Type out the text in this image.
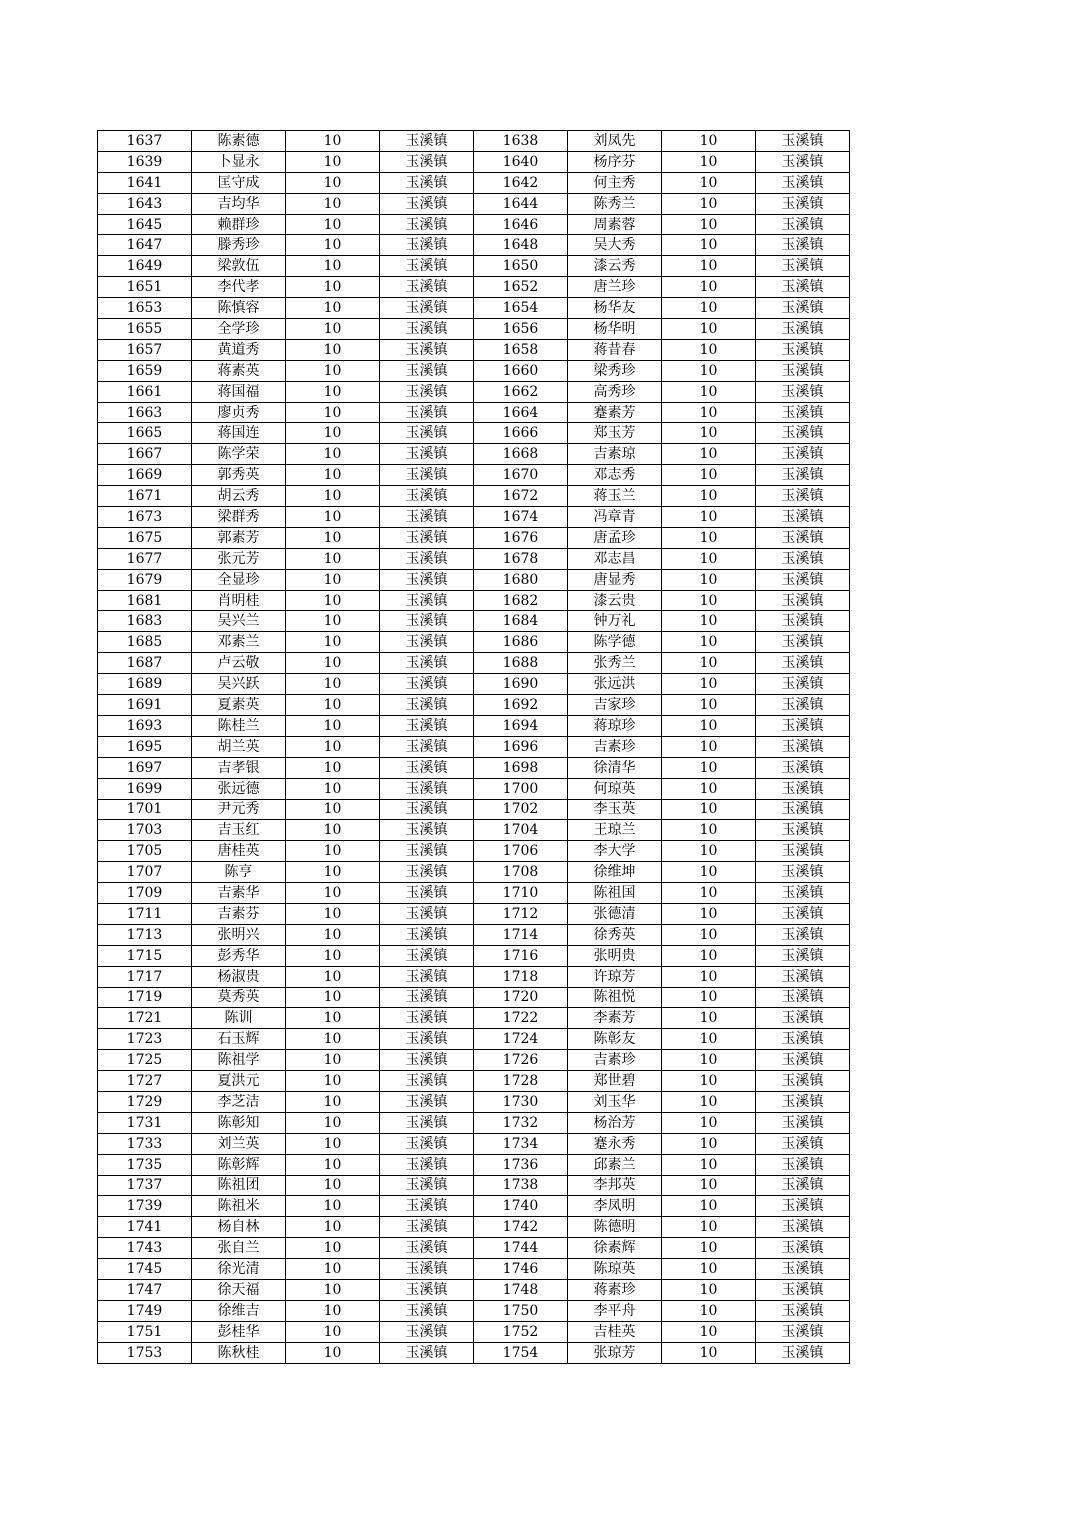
1637	陈素德	10	玉溪镇	1638	刘凤先	10	玉溪镇
1639	卜显永	10	玉溪镇	1640	杨序芬	10	玉溪镇
1641	匡守成	10	玉溪镇	1642	何主秀	10	玉溪镇
1643	吉均华	10	玉溪镇	1644	陈秀兰	10	玉溪镇
1645	赖群珍	10	玉溪镇	1646	周素蓉	10	玉溪镇
1647	滕秀珍	10	玉溪镇	1648	吴大秀	10	玉溪镇
1649	梁敦伍	10	玉溪镇	1650	漆云秀	10	玉溪镇
1651	李代孝	10	玉溪镇	1652	唐兰珍	10	玉溪镇
1653	陈慎容	10	玉溪镇	1654	杨华友	10	玉溪镇
1655	全学珍	10	玉溪镇	1656	杨华明	10	玉溪镇
1657	黄道秀	10	玉溪镇	1658	蒋昔春	10	玉溪镇
1659	蒋素英	10	玉溪镇	1660	梁秀珍	10	玉溪镇
1661	蒋国福	10	玉溪镇	1662	高秀珍	10	玉溪镇
1663	廖贞秀	10	玉溪镇	1664	蹇素芳	10	玉溪镇
1665	蒋国连	10	玉溪镇	1666	郑玉芳	10	玉溪镇
1667	陈学荣	10	玉溪镇	1668	吉素琼	10	玉溪镇
1669	郭秀英	10	玉溪镇	1670	邓志秀	10	玉溪镇
1671	胡云秀	10	玉溪镇	1672	蒋玉兰	10	玉溪镇
1673	梁群秀	10	玉溪镇	1674	冯章青	10	玉溪镇
1675	郭素芳	10	玉溪镇	1676	唐孟珍	10	玉溪镇
1677	张元芳	10	玉溪镇	1678	邓志昌	10	玉溪镇
1679	全显珍	10	玉溪镇	1680	唐显秀	10	玉溪镇
1681	肖明桂	10	玉溪镇	1682	漆云贵	10	玉溪镇
1683	吴兴兰	10	玉溪镇	1684	钟万礼	10	玉溪镇
1685	邓素兰	10	玉溪镇	1686	陈学德	10	玉溪镇
1687	卢云敬	10	玉溪镇	1688	张秀兰	10	玉溪镇
1689	吴兴跃	10	玉溪镇	1690	张远洪	10	玉溪镇
1691	夏素英	10	玉溪镇	1692	吉家珍	10	玉溪镇
1693	陈桂兰	10	玉溪镇	1694	蒋琼珍	10	玉溪镇
1695	胡兰英	10	玉溪镇	1696	吉素珍	10	玉溪镇
1697	吉孝银	10	玉溪镇	1698	徐清华	10	玉溪镇
1699	张远德	10	玉溪镇	1700	何琼英	10	玉溪镇
1701	尹元秀	10	玉溪镇	1702	李玉英	10	玉溪镇
1703	吉玉红	10	玉溪镇	1704	王琼兰	10	玉溪镇
1705	唐桂英	10	玉溪镇	1706	李大学	10	玉溪镇
1707	陈亨	10	玉溪镇	1708	徐维坤	10	玉溪镇
1709	吉素华	10	玉溪镇	1710	陈祖国	10	玉溪镇
1711	吉素芬	10	玉溪镇	1712	张德清	10	玉溪镇
1713	张明兴	10	玉溪镇	1714	徐秀英	10	玉溪镇
1715	彭秀华	10	玉溪镇	1716	张明贵	10	玉溪镇
1717	杨淑贵	10	玉溪镇	1718	许琼芳	10	玉溪镇
1719	莫秀英	10	玉溪镇	1720	陈祖悦	10	玉溪镇
1721	陈训	10	玉溪镇	1722	李素芳	10	玉溪镇
1723	石玉辉	10	玉溪镇	1724	陈彰友	10	玉溪镇
1725	陈祖学	10	玉溪镇	1726	吉素珍	10	玉溪镇
1727	夏洪元	10	玉溪镇	1728	郑世碧	10	玉溪镇
1729	李芝洁	10	玉溪镇	1730	刘玉华	10	玉溪镇
1731	陈彰知	10	玉溪镇	1732	杨治芳	10	玉溪镇
1733	刘兰英	10	玉溪镇	1734	蹇永秀	10	玉溪镇
1735	陈彰辉	10	玉溪镇	1736	邱素兰	10	玉溪镇
1737	陈祖团	10	玉溪镇	1738	李邦英	10	玉溪镇
1739	陈祖米	10	玉溪镇	1740	李凤明	10	玉溪镇
1741	杨自林	10	玉溪镇	1742	陈德明	10	玉溪镇
1743	张自兰	10	玉溪镇	1744	徐素辉	10	玉溪镇
1745	徐光清	10	玉溪镇	1746	陈琼英	10	玉溪镇
1747	徐天福	10	玉溪镇	1748	蒋素珍	10	玉溪镇
1749	徐维吉	10	玉溪镇	1750	李平舟	10	玉溪镇
1751	彭桂华	10	玉溪镇	1752	吉桂英	10	玉溪镇
1753	陈秋桂	10	玉溪镇	1754	张琼芳	10	玉溪镇
